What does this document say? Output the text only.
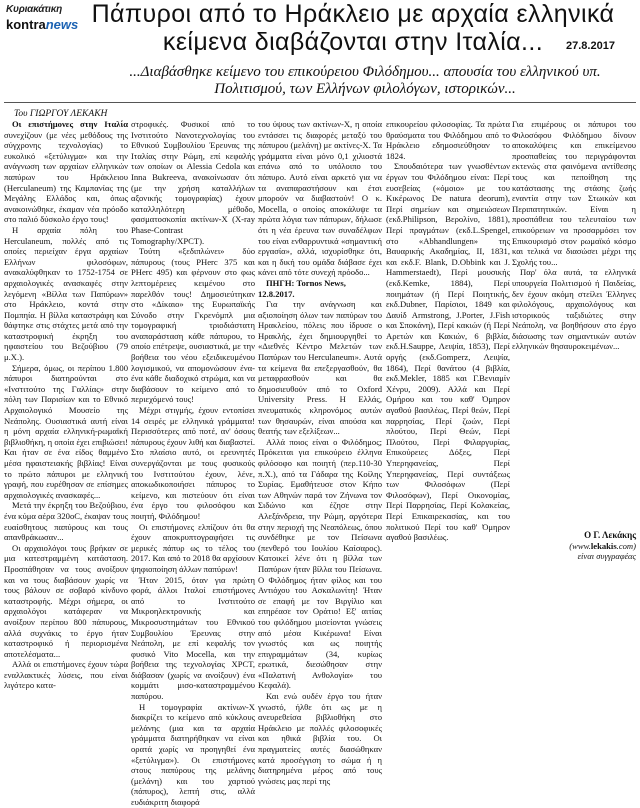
Κυριακάτικη
kontranews Πάπυροι από το Ηράκλειο με αρχαία ελληνικά κείμενα διαβάζονται στην Ιταλία...	27.8.2017
...Διαβάσθηκε κείμενο του επικούρειου Φιλόδημου... απουσία του ελληνικού υπ. Πολιτισμού, των Ελλήνων φιλολόγων, ιστορικών...
Του ΓΙΩΡΓΟΥ ΛΕΚΑΚΗ

Οι επιστήμονες στην Ιταλία συνεχίζουν (με νέες μεθόδους της σύγχρονης τεχνολογίας) το ευκολικό «ξετύλιγμα» και την ανάγνωση των αρχαίων ελληνικών παπύρων του Ηράκλειου (Herculaneum) της Καμπανίας της Μεγάλης Ελλάδος και, όπως ανακοινώθηκε, έκαμαν νέα πρόοδο στο παλιό δύσκολο έργο τους!

Η αρχαία πόλη του Herculaneum, πολλές από τις οποίες περιείχαν έργα αρχαίων Ελλήνων φιλοσόφων, ανακαλύφθηκαν το 1752-1754 σε αρχαιολογικές ανασκαφές στην λεγόμενη «Βίλλα των Παπύρων» στο Ηράκλειο, κοντά στην Πομπηία. Η βίλλα καταστράφη και θάφτηκε στις στάχτες μετά από την καταστροφική έκρηξη του ηφαιστείου του Βεζούβιου (79 μ.Χ.).

Σήμερα, όμως, οι περίπου 1.800 πάπυροι διατηρούνται στο «Ινστιτούτο της Γαλλίας» στην πόλη των Παρισίων και το Εθνικό Αρχαιολογικό Μουσείο της Νεάπολης. Ουσιαστικά αυτή είναι η μόνη αρχαία ελληνική-ρωμαϊκή βιβλιοθήκη, η οποία έχει επιβιώσει! Και ήταν σε ένα είδος θαμμένο μέσα ηφαιστειακής βιβλίας! Είναι το πρώτο πάπυροι με ελληνική γραφή, που ευρέθησαν σε επίσημες αρχαιολογικές ανασκαφές...

Μετά την έκρηξη του Βεζούβιου, ένα κύμα αέρα 320oC, έκαψαν τους ευαίσθητους παπύρους και τους απανθράκωσαν...

Οι αρχαιολόγοι τους βρήκαν σε μια κατεστραμμένη κατάσταση. Προσπάθησαν να τους ανοίξουν και να τους διαβάσουν χωρίς να τους βάλουν σε σοβαρό κίνδυνο καταστροφής. Μέχρι σήμερα, οι αρχαιολόγοι κατάφεραν να ανοίξουν περίπου 800 πάπυρους, αλλά συχνάκις το έργο ήταν καταστροφικό ή περιορισμένα αποτελέσματα...

Αλλά οι επιστήμονες έχουν τώρα εναλλακτικές λύσεις, που είναι λιγότερο κατα-

στροφικές. Φυσικοί από το Ινστιτούτο Νανοτεχνολογίας του Εθνικού Συμβουλίου Έρευνας της Ιταλίας στην Ρώμη, επί κεφαλής των οποίων οι Alessia Cedola και Inna Bukreeva, ανακοίνωσαν ότι (με την χρήση καταλλήλων αξονικής τομογραφίας) έχουν καταλληλότερη μέθοδο, φασματοσκοπία ακτίνων-Χ (X-ray Phase-Contrast Tomography/XPCT).

Τούτη «ξεδιπλώνει» δύο πάπυρους (τους PHerc 375 και PHerc 495) και φέρνουν στο φως λεπτομέρειες κειμένου στο παρελθόν τους! Δημοσιεύτηκαν στο «Δίκαιο» της Ευρωπαϊκής Σύνοδο στην Γκρενόμπλ μια τομογραφική τριοδιάστατη αναπαράσταση κάθε πάπυρου, το οποίο επέτρεψε, ουσιαστικά, με την βοήθεια του νέου εξειδικευμένου λογισμικού, να απομονώσουν ένα-ένα κάθε διαδοχικό στρώμα, και να διαβάσουν το κείμενο από το περιεχόμενό τους!

Μέχρι στιγμής, έχουν εντοπίσει 14 σειρές με ελληνικά γράμματα! Περισσότερες από ποτέ, αν' όσους πάπυρους έχουν λιθή και διαβαστεί. Στο πλαίσιο αυτό, οι ερευνητές συνεργάζονται με τους φυσικούς του Ινστιτούτου έχουν, λένε, αποκωδικοποιήσει πάπυρος το κείμενο, και πιστεύουν ότι είναι ένα έργο του φιλοσόφου και ποιητή, Φιλόδημου!

Οι επιστήμονες ελπίζουν ότι θα έχουν αποκρυπτογραφήσει τις μερικές πάπυρ ως το τέλος του 2017. Και από το 2018 θα αρχίσουν ψηφιοποίηση άλλων παπύρων!

Ήταν 2015, όταν για πρώτη φορά, άλλοι Ιταλοί επιστήμονες από το Ινστιτούτο Μικροηλεκτρονικής και Μικροσυστημάτων του Εθνικού Συμβουλίου Έρευνας στην Νεάπολη, με επί κεφαλής τον φυσικό Vito Mocella, και την βοήθεια της τεχνολογίας XPCT, διάβασαν (χωρίς να ανοίξουν) ένα κομμάτι μισο-καταστραμμένου παπύρου.

Η τομογραφία ακτίνων-Χ διακρίζει το κείμενο από κύκλους μελάνης (μια και τα αρχαία γράμματα διατηρήθηκαν να είναι ορατά χωρίς να προηγηθεί ένα «ξετύλιγμα»). Οι επιστήμονες στους παπύρους της μελάνης (μελάνη) και του χαρτιού (πάπυρος), λεπτή στις, αλλά ευδιάκριτη διαφορά

του ύψους των ακτίνων-Χ, η οποία εντάσσει τις διαφορές μεταξύ του πάπυρου (μελάνη) με ακτίνες-Χ. Τα γράμματα είναι μόνο 0,1 χιλιοστά επάνω από το υπόλοιπο του πάπυρο. Αυτό είναι αρκετό για να τα αναπαραστήσουν και έτσι μπορούν να διαβαστούν! Ο κ. Μοcella, ο οποίος αποκάλυψε τα πρώτα λόγια των πάπυρων, δήλωσε ότι η νέα έρευνα των συναδέλφων του είναι ενθαρρυντικά «σημαντική εργασία», αλλά, ισχυρίσθηκε ότι, και η δική του ομάδα διάβασε έχει κάνει από τότε συνεχή πρόοδο...

ΠΗΓΗ: Tornos News, 12.8.2017.

Για την ανάγνωση και αξιοποίηση όλων των παπύρων του Ηρακλείου, πόλεις που ίδρυσε ο Ηρακλής, έχει δημιουργηθεί το «Διεθνές Κέντρο Μελετών των Παπύρων του Herculaneum». Αυτά τα κείμενα θα επεξεργασθούν, θα μεταφρασθούν και θα δημοσιευθούν από το Oxford University Press. Η Ελλάς, πνευματικός κληρονόμος αυτών των θησαυρών, είναι απούσα και θεατής των εξελίξεων...

Αλλά ποιος είναι ο Φιλόδημος; Πρόκειται για επικούρειο έλληνα φιλόσοφο και ποιητή (περ.110-30 π.Χ.), από τα Γάδαρα της Κοίλης Συρίας. Εμαθήτευσε στον Κήπο των Αθηνών παρά τον Ζήνωνα τον Σιδώνιο και έζησε στην Αλεξάνδρεια, την Ρώμη, αργότερα στην περιοχή της Νεαπόλεως, όπου συνδέθηκε με τον Πείσωνα (πενθερό του Ιουλίου Καίσαρος). Κατοικεί λένε ότι η βίλλα των Παπύρων ήταν βίλλα του Πείσωνα. Ο Φιλόδημος ήταν φίλος και του Αντιόχου του Ασκαλωνίτη! Ήταν σε επαφή με τον Βιργίλιο και επηρέασε τον Οράτιο! Εξ' αιτίας του φιλόδημου μισείονται γνώσεις από μέσα Κικέρωνα! Είναι γνωστός και ως ποιητής επιγραμμάτων (34, κυρίως ερωτικά, διεσώθησαν στην «Παλατινή Ανθολογία» του Κεφαλά).

Και ενώ ουδέν έργο του ήταν γνωστό, ήλθε ότι ως με η ανευρεθείσα βιβλιοθήκη στο Ηράκλειο με πολλές φιλοσοφικές και ηθικά βιβλία του. Οι πραγματείες αυτές διασώθηκαν κατά προσέγγιση το σώμα ή η διατηρημένα μέρος από τους γνώσεις μας περί της

επικουρείου φιλοσοφίας. Τα πρώτα θραύσματα του Φιλόδημου από το Ηράκλειο εδημοσιεύθησαν το 1824.

Σπουδαιότερα των γνωσθέντων έργων του Φιλόδημου είναι: Περί ευσεβείας («όμοιο» με του Κικέρωνος De natura deorum), Περί σημείων και σημειώσεων (εκδ.Philipson, Βερολίνο, 1881), Περί πραγμάτων (εκδ.L.Spengel, στο «Abhandlungen» της Βαυαρικής Ακαδημίας, II, 1831, και εκδ.F. Blank, D.Obbink και J. Hammerstaedt), Περί μουσικής (εκδ.Kemke, 1884), Περί ποιημάτων (ή Περί Ποιητικής, εκδ.Dubner, Παρίσιοι, 1849 και Δαυίδ Armstrong, J.Porter, J.Fish και Σποκάνη), Περί κακιών (ή Περί Αρετών και Κακιών, 6 βιβλία, εκδ.H.Sauppe, Λειψία, 1853), Περί οργής (εκδ.Gomperz, Λειψία, 1864), Περί θανάτου (4 βιβλία, εκδ.Mekler, 1885 και Γ.Βενιαμίν Χένρυ, 2009). Αλλά και Περί Ομήρου και του καθ' Όμηρον αγαθού βασιλέως, Περί θεών, Περί παρρησίας, Περί ζωών, Περί πλούτου, Περί Θεών, Περί Πλούτου, Περί Φιλαργυρίας, Επικούρειες Δόξες, Περί Υπερηφανείας, Περί Υπερηφανείας, Περί συντάξεως των Φιλοσόφων (Περί Φιλοσόφων), Περί Οικονομίας, Περί Παρρησίας, Περί Κολακείας, Περί Επικαιρεκασίας, και του πολιτικού Περί του καθ' Όμηρον αγαθού βασιλέως.

Για επιμέρους οι πάπυροι του Φιλοσόφου Φιλόδημου δίνουν αποκαλύψεις και επικείμενου προσπαθείας του περιγράφονται εκτενώς στα φαινόμενα αντίθεσης τους και πεποίθηση της κατάστασης της στάσης ζωής εναντία στην των Στωικών και Περιπατητικών. Είναι η προσπάθεια του τελευταίου των επικούρειων να προσαρμόσει τον Επικουρισμό στον ρωμαϊκό κόσμο και τελικά να διασώσει μέχρι της Σχολής του...

Παρ' όλα αυτά, τα ελληνικά υπουργεία Πολιτισμού ή Παιδείας, δεν έχουν ακόμη στείλει Έλληνες φιλολόγους, αρχαιολόγους και ιστορικούς ταξιδιώτες στην Νεάπολη, να βοηθήσουν στο έργο διάσωσης των σημαντικών αυτών ελληνικών θησαυροκειμένων...

Ο Γ. Λεκάκης
(www.lekakis.com)
είναι συγγραφέας
